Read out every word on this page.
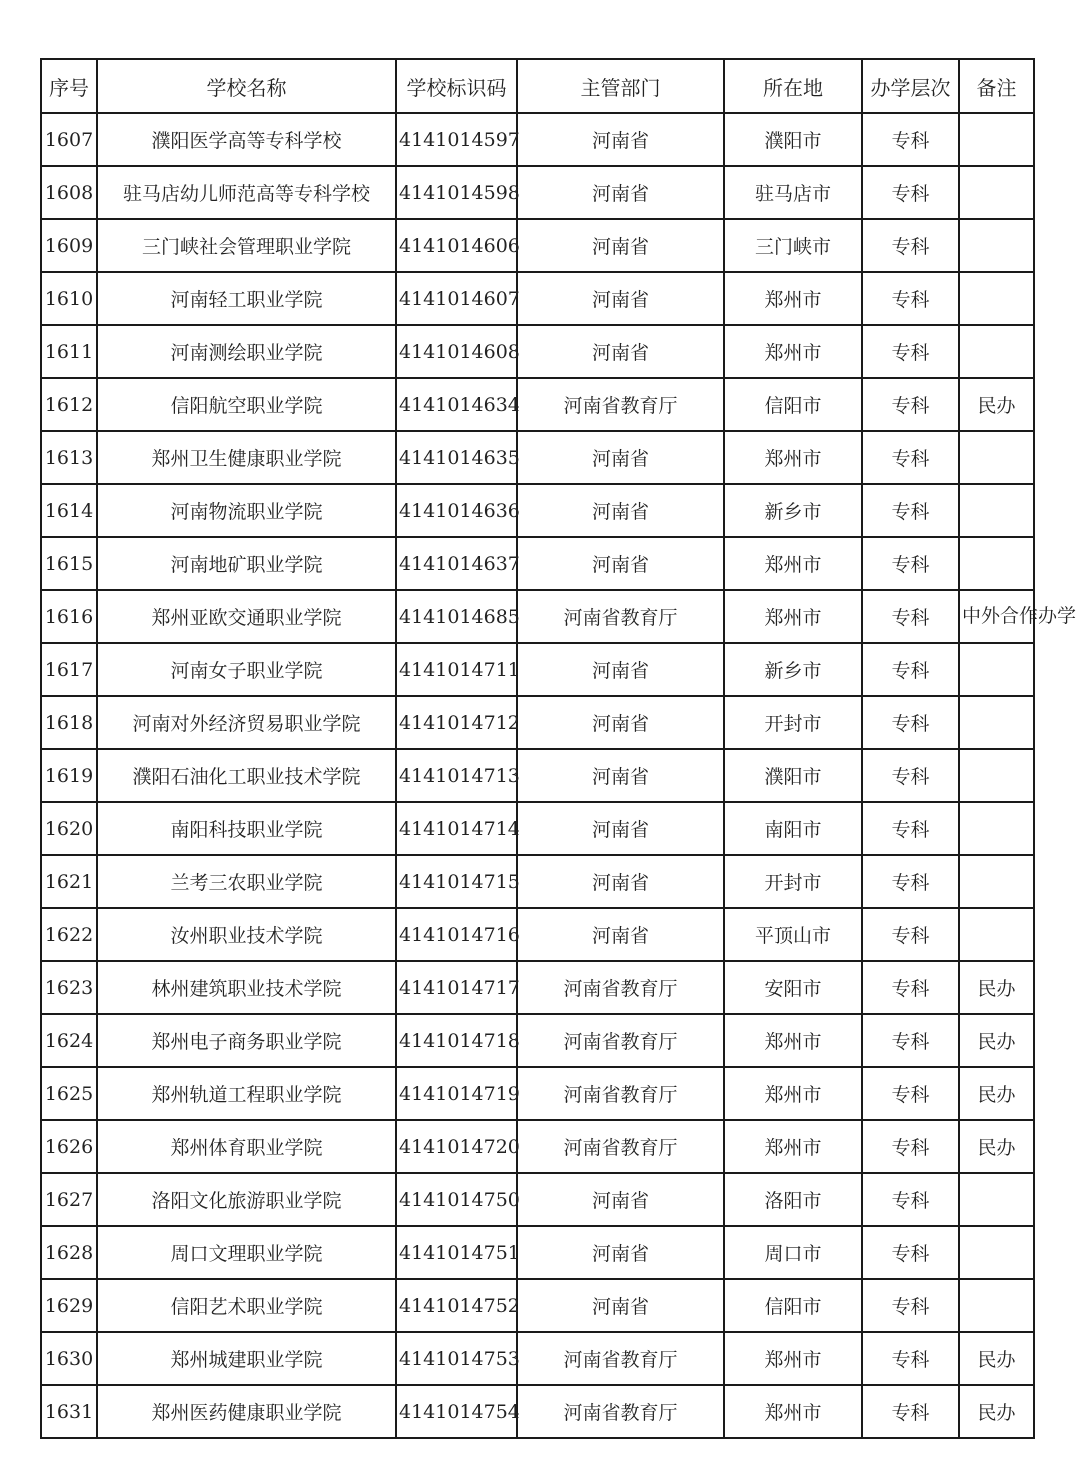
序号	学校名称	学校标识码	主管部门	所在地	办学层次	备注
1607	濮阳医学高等专科学校	4141014597	河南省	濮阳市	专科	
1608	驻马店幼儿师范高等专科学校	4141014598	河南省	驻马店市	专科	
1609	三门峡社会管理职业学院	4141014606	河南省	三门峡市	专科	
1610	河南轻工职业学院	4141014607	河南省	郑州市	专科	
1611	河南测绘职业学院	4141014608	河南省	郑州市	专科	
1612	信阳航空职业学院	4141014634	河南省教育厅	信阳市	专科	民办
1613	郑州卫生健康职业学院	4141014635	河南省	郑州市	专科	
1614	河南物流职业学院	4141014636	河南省	新乡市	专科	
1615	河南地矿职业学院	4141014637	河南省	郑州市	专科	
1616	郑州亚欧交通职业学院	4141014685	河南省教育厅	郑州市	专科	中外合作办学
1617	河南女子职业学院	4141014711	河南省	新乡市	专科	
1618	河南对外经济贸易职业学院	4141014712	河南省	开封市	专科	
1619	濮阳石油化工职业技术学院	4141014713	河南省	濮阳市	专科	
1620	南阳科技职业学院	4141014714	河南省	南阳市	专科	
1621	兰考三农职业学院	4141014715	河南省	开封市	专科	
1622	汝州职业技术学院	4141014716	河南省	平顶山市	专科	
1623	林州建筑职业技术学院	4141014717	河南省教育厅	安阳市	专科	民办
1624	郑州电子商务职业学院	4141014718	河南省教育厅	郑州市	专科	民办
1625	郑州轨道工程职业学院	4141014719	河南省教育厅	郑州市	专科	民办
1626	郑州体育职业学院	4141014720	河南省教育厅	郑州市	专科	民办
1627	洛阳文化旅游职业学院	4141014750	河南省	洛阳市	专科	
1628	周口文理职业学院	4141014751	河南省	周口市	专科	
1629	信阳艺术职业学院	4141014752	河南省	信阳市	专科	
1630	郑州城建职业学院	4141014753	河南省教育厅	郑州市	专科	民办
1631	郑州医药健康职业学院	4141014754	河南省教育厅	郑州市	专科	民办
